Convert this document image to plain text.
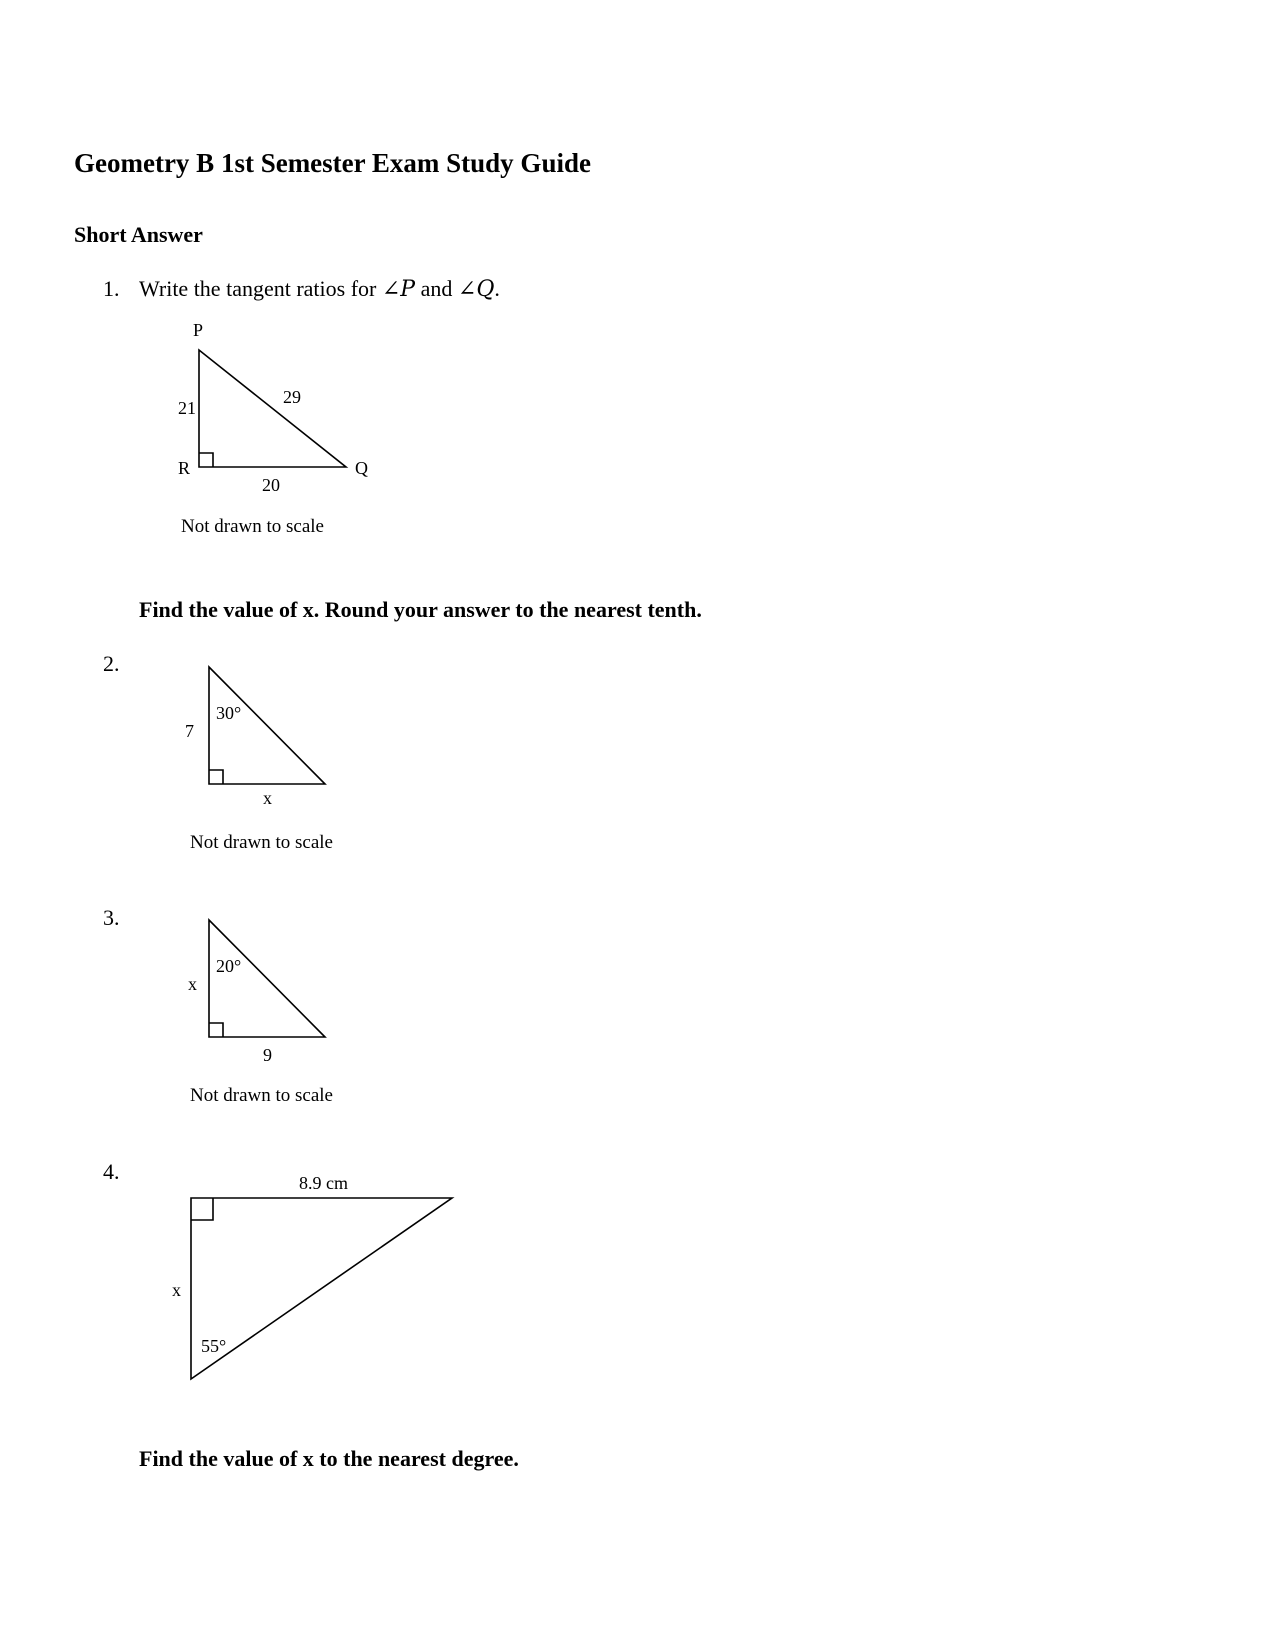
Geometry B 1st Semester Exam Study Guide
Short Answer
1. Write the tangent ratios for ∠P and ∠Q.
P
21
29
R	Q
20
Not drawn to scale
Find the value of x. Round your answer to the nearest tenth.
2.
30°
7
x
Not drawn to scale
3.
20°
x
9
Not drawn to scale
4.	8.9 cm
x
55°
Find the value of x to the nearest degree.
